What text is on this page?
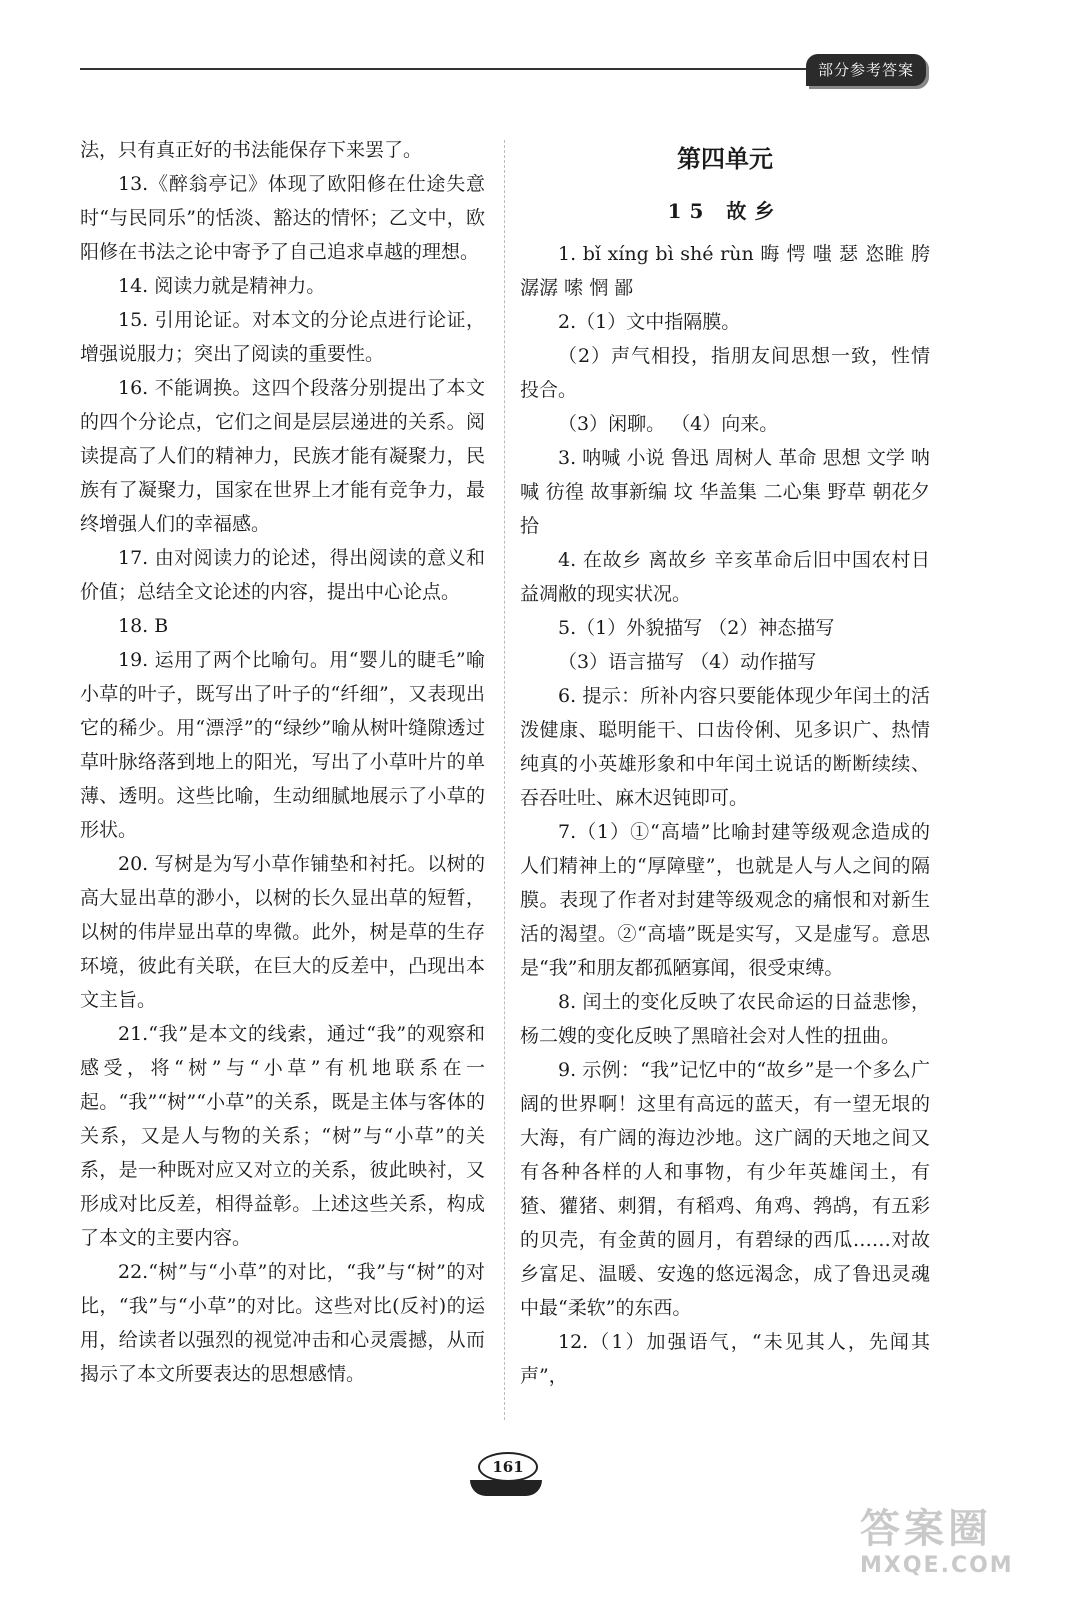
部分参考答案

法，只有真正好的书法能保存下来罢了。

13.《醉翁亭记》体现了欧阳修在仕途失意时“与民同乐”的恬淡、豁达的情怀；乙文中，欧阳修在书法之论中寄予了自己追求卓越的理想。

14. 阅读力就是精神力。

15. 引用论证。对本文的分论点进行论证，增强说服力；突出了阅读的重要性。

16. 不能调换。这四个段落分别提出了本文的四个分论点，它们之间是层层递进的关系。阅读提高了人们的精神力，民族才能有凝聚力，民族有了凝聚力，国家在世界上才能有竞争力，最终增强人们的幸福感。

17. 由对阅读力的论述，得出阅读的意义和价值；总结全文论述的内容，提出中心论点。

18. B

19. 运用了两个比喻句。用“婴儿的睫毛”喻小草的叶子，既写出了叶子的“纤细”，又表现出它的稀少。用“漂浮”的“绿纱”喻从树叶缝隙透过草叶脉络落到地上的阳光，写出了小草叶片的单薄、透明。这些比喻，生动细腻地展示了小草的形状。

20. 写树是为写小草作铺垫和衬托。以树的高大显出草的渺小，以树的长久显出草的短暂，以树的伟岸显出草的卑微。此外，树是草的生存环境，彼此有关联，在巨大的反差中，凸现出本文主旨。

21.“我”是本文的线索，通过“我”的观察和感受，将“树”与“小草”有机地联系在一起。“我”“树”“小草”的关系，既是主体与客体的关系，又是人与物的关系；“树”与“小草”的关系，是一种既对应又对立的关系，彼此映衬，又形成对比反差，相得益彰。上述这些关系，构成了本文的主要内容。

22.“树”与“小草”的对比，“我”与“树”的对比，“我”与“小草”的对比。这些对比(反衬)的运用，给读者以强烈的视觉冲击和心灵震撼，从而揭示了本文所要表达的思想感情。

第四单元
15 故乡

1. bǐ xíng bì shé rùn 晦 愕 嗤 瑟 恣睢 胯 潺潺 嗦 惘 鄙

2.（1）文中指隔膜。

（2）声气相投，指朋友间思想一致，性情投合。

（3）闲聊。 （4）向来。

3. 呐喊 小说 鲁迅 周树人 革命 思想 文学 呐喊 彷徨 故事新编 坟 华盖集 二心集 野草 朝花夕拾

4. 在故乡 离故乡 辛亥革命后旧中国农村日益凋敝的现实状况。

5.（1）外貌描写 （2）神态描写

（3）语言描写 （4）动作描写

6. 提示：所补内容只要能体现少年闰土的活泼健康、聪明能干、口齿伶俐、见多识广、热情纯真的小英雄形象和中年闰土说话的断断续续、吞吞吐吐、麻木迟钝即可。

7.（1）①“高墙”比喻封建等级观念造成的人们精神上的“厚障壁”，也就是人与人之间的隔膜。表现了作者对封建等级观念的痛恨和对新生活的渴望。②“高墙”既是实写，又是虚写。意思是“我”和朋友都孤陋寡闻，很受束缚。

8. 闰土的变化反映了农民命运的日益悲惨，杨二嫂的变化反映了黑暗社会对人性的扭曲。

9. 示例：“我”记忆中的“故乡”是一个多么广阔的世界啊！这里有高远的蓝天，有一望无垠的大海，有广阔的海边沙地。这广阔的天地之间又有各种各样的人和事物，有少年英雄闰土，有猹、獾猪、刺猬，有稻鸡、角鸡、鹁鸪，有五彩的贝壳，有金黄的圆月，有碧绿的西瓜……对故乡富足、温暖、安逸的悠远渴念，成了鲁迅灵魂中最“柔软”的东西。

12.（1）加强语气，“未见其人，先闻其声”，

161
答案圈
MXQE.COM
